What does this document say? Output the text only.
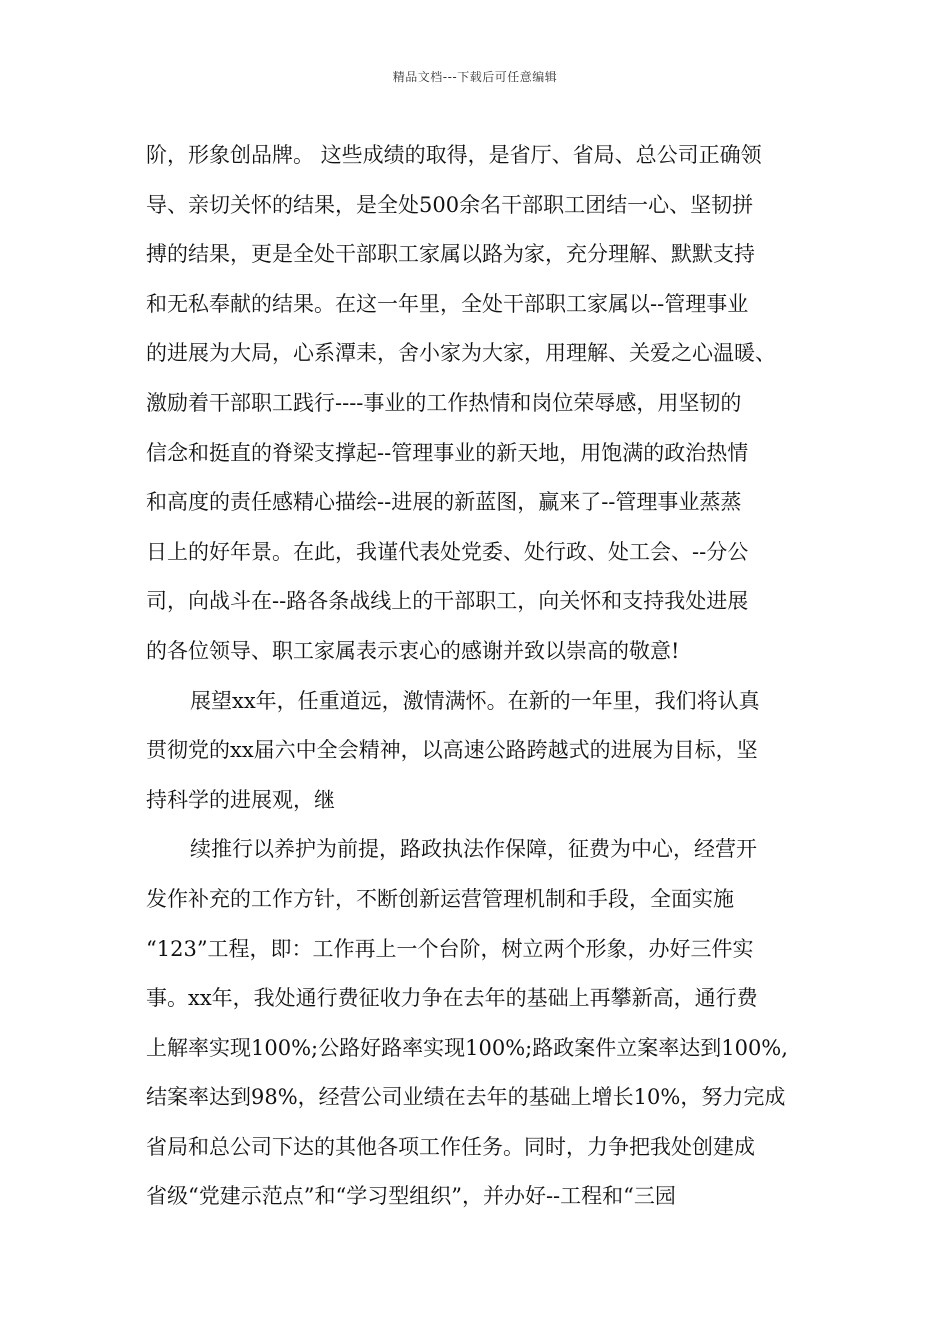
精品文档---下载后可任意编辑
阶，形象创品牌。 这些成绩的取得，是省厅、省局、总公司正确领
导、亲切关怀的结果，是全处500余名干部职工团结一心、坚韧拼
搏的结果，更是全处干部职工家属以路为家，充分理解、默默支持
和无私奉献的结果。在这一年里，全处干部职工家属以--管理事业
的进展为大局，心系潭耒，舍小家为大家，用理解、关爱之心温暖、
激励着干部职工践行----事业的工作热情和岗位荣辱感，用坚韧的
信念和挺直的脊梁支撑起--管理事业的新天地，用饱满的政治热情
和高度的责任感精心描绘--进展的新蓝图，赢来了--管理事业蒸蒸
日上的好年景。在此，我谨代表处党委、处行政、处工会、--分公
司，向战斗在--路各条战线上的干部职工，向关怀和支持我处进展
的各位领导、职工家属表示衷心的感谢并致以崇高的敬意!
展望xx年，任重道远，激情满怀。在新的一年里，我们将认真
贯彻党的xx届六中全会精神，以高速公路跨越式的进展为目标，坚
持科学的进展观，继
续推行以养护为前提，路政执法作保障，征费为中心，经营开
发作补充的工作方针，不断创新运营管理机制和手段，全面实施
“123”工程，即：工作再上一个台阶，树立两个形象，办好三件实
事。xx年，我处通行费征收力争在去年的基础上再攀新高，通行费
上解率实现100%;公路好路率实现100%;路政案件立案率达到100%,
结案率达到98%，经营公司业绩在去年的基础上增长10%，努力完成
省局和总公司下达的其他各项工作任务。同时，力争把我处创建成
省级“党建示范点”和“学习型组织”，并办好--工程和“三园
